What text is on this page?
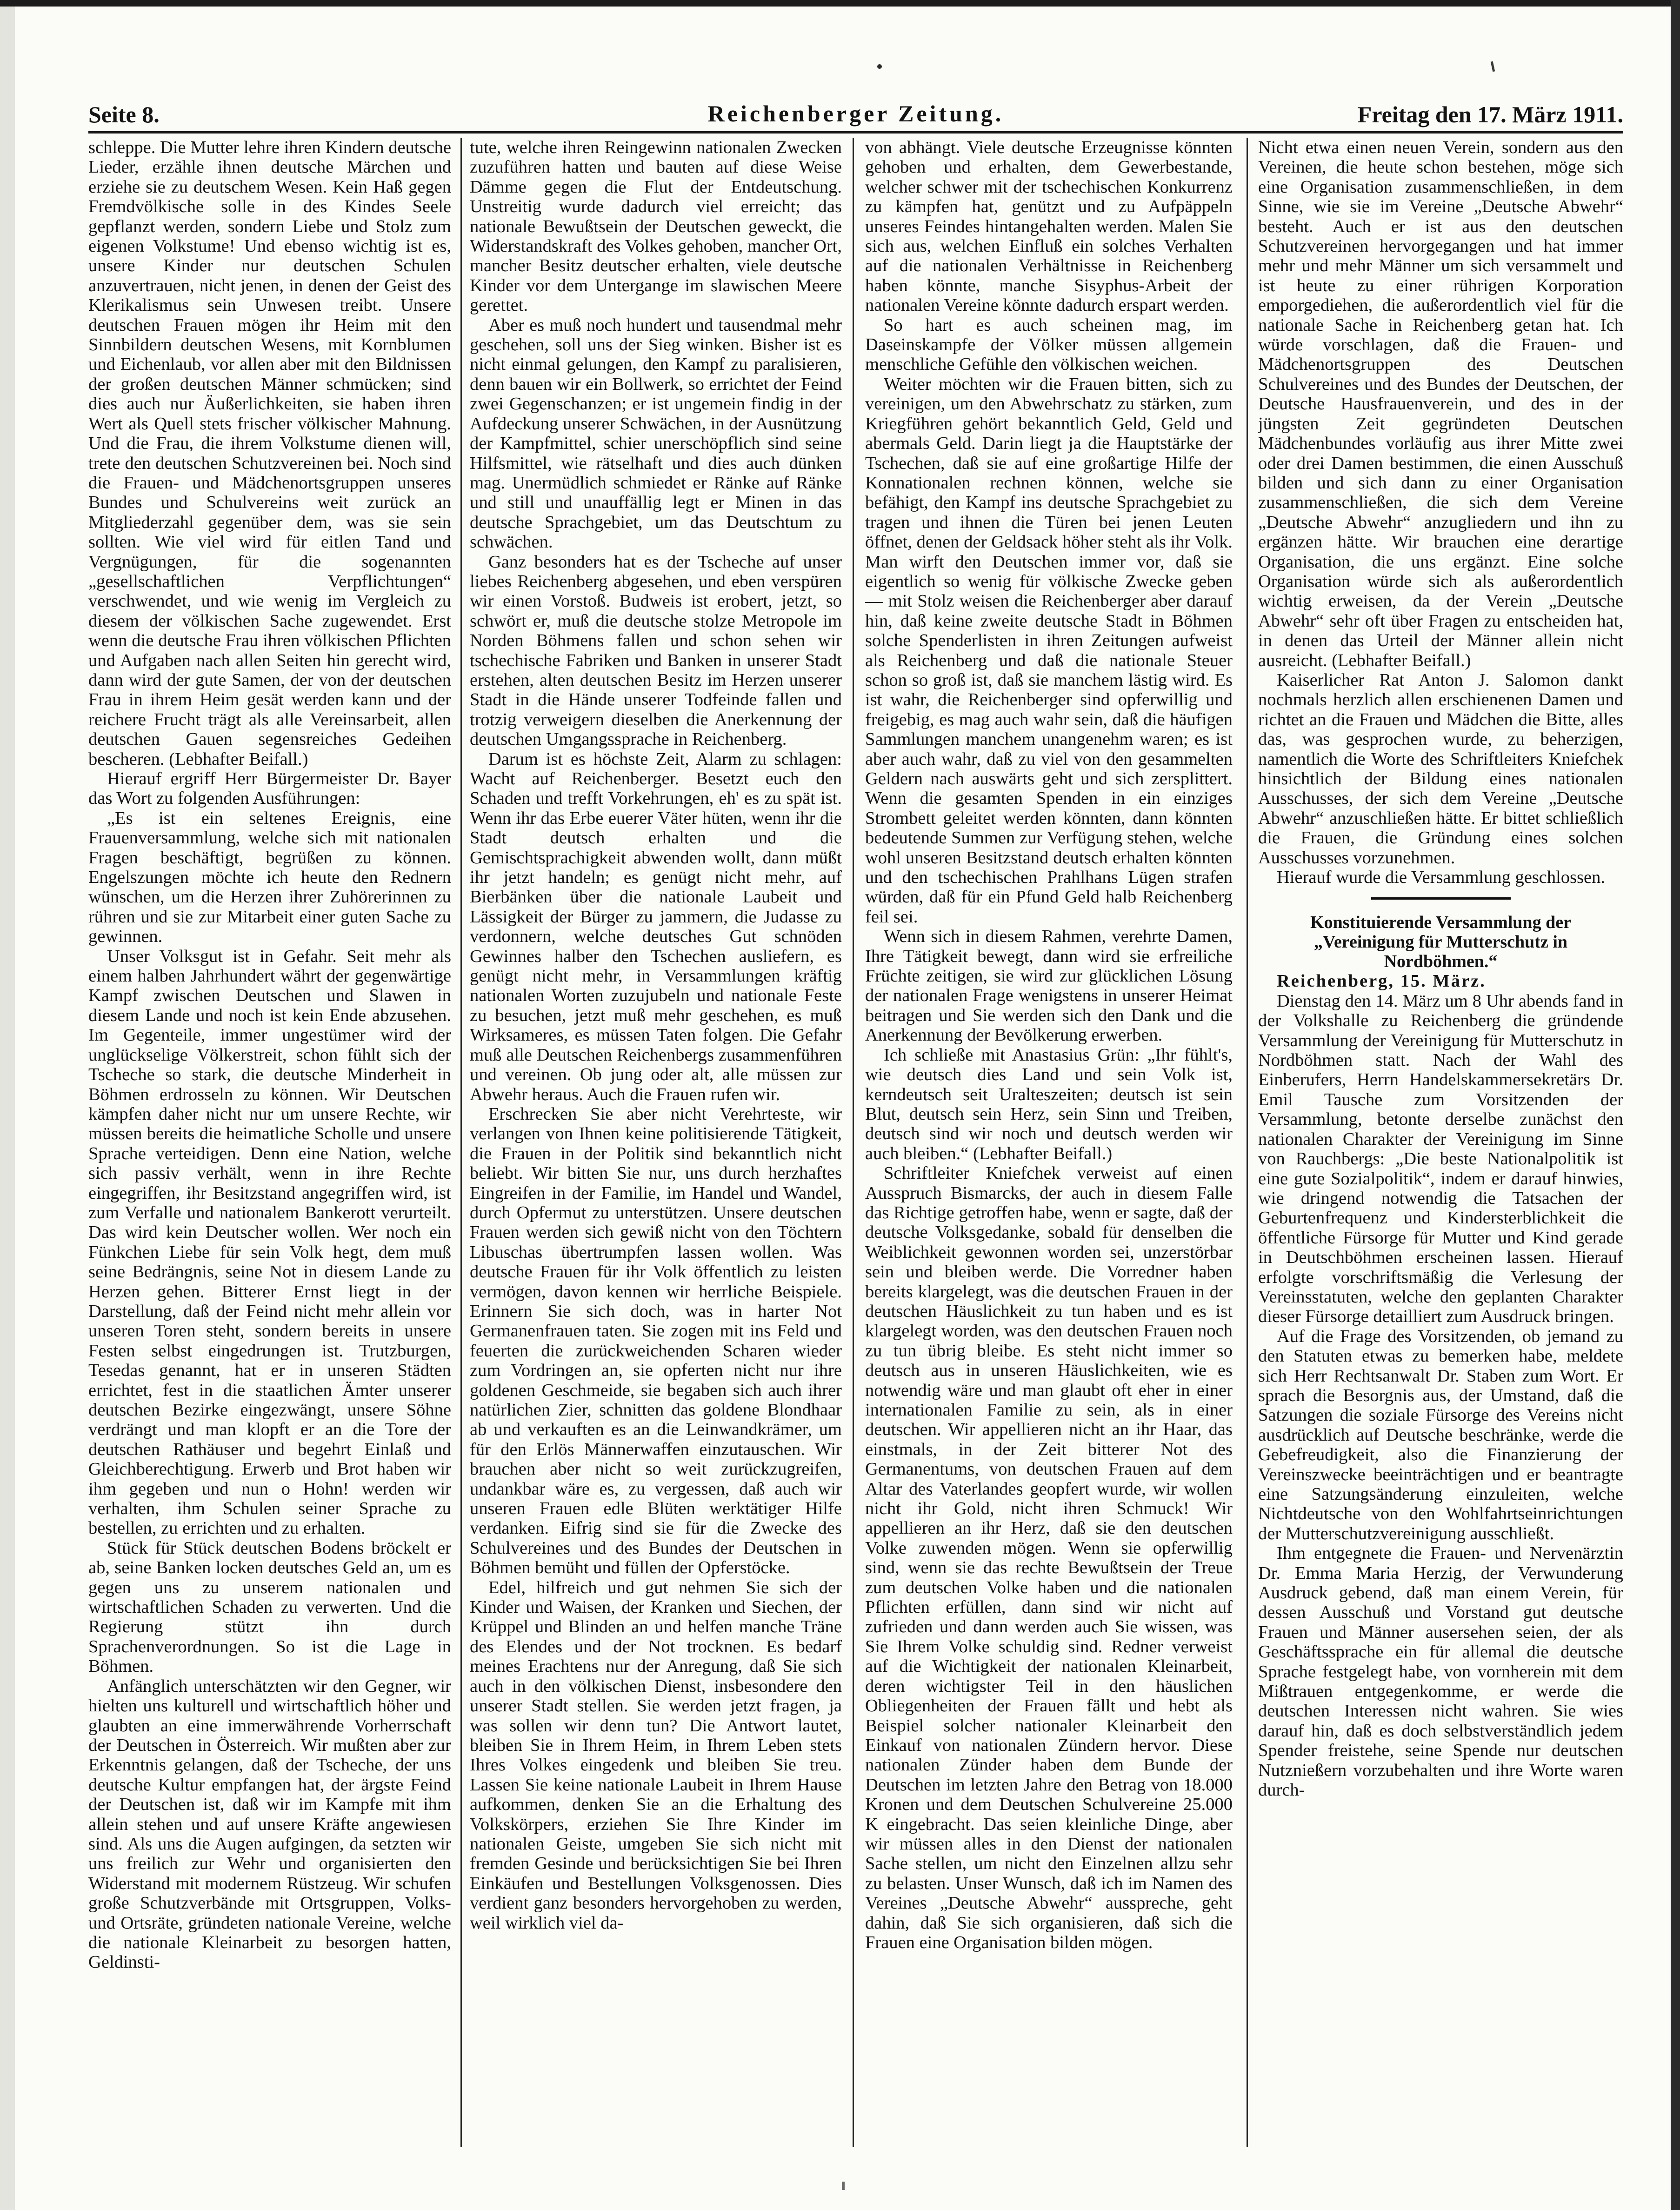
Seite 8.	Reichenberger Zeitung.	Freitag den 17. März 1911.

schleppe. Die Mutter lehre ihren Kindern deutsche Lieder, erzähle ihnen deutsche Märchen und erziehe sie zu deutschem Wesen. Kein Haß gegen Fremdvölkische solle in des Kindes Seele gepflanzt werden, sondern Liebe und Stolz zum eigenen Volkstume! Und ebenso wichtig ist es, unsere Kinder nur deutschen Schulen anzuvertrauen, nicht jenen, in denen der Geist des Klerikalismus sein Unwesen treibt. Unsere deutschen Frauen mögen ihr Heim mit den Sinnbildern deutschen Wesens, mit Kornblumen und Eichenlaub, vor allen aber mit den Bildnissen der großen deutschen Männer schmücken; sind dies auch nur Äußerlichkeiten, sie haben ihren Wert als Quell stets frischer völkischer Mahnung. Und die Frau, die ihrem Volkstume dienen will, trete den deutschen Schutzvereinen bei. Noch sind die Frauen- und Mädchenortsgruppen unseres Bundes und Schulvereins weit zurück an Mitgliederzahl gegenüber dem, was sie sein sollten. Wie viel wird für eitlen Tand und Vergnügungen, für die sogenannten „gesellschaftlichen Verpflichtungen“ verschwendet, und wie wenig im Vergleich zu diesem der völkischen Sache zugewendet. Erst wenn die deutsche Frau ihren völkischen Pflichten und Aufgaben nach allen Seiten hin gerecht wird, dann wird der gute Samen, der von der deutschen Frau in ihrem Heim gesät werden kann und der reichere Frucht trägt als alle Vereinsarbeit, allen deutschen Gauen segensreiches Gedeihen bescheren. (Lebhafter Beifall.)

Hierauf ergriff Herr Bürgermeister Dr. Bayer das Wort zu folgenden Ausführungen:

„Es ist ein seltenes Ereignis, eine Frauenversammlung, welche sich mit nationalen Fragen beschäftigt, begrüßen zu können. Engelszungen möchte ich heute den Rednern wünschen, um die Herzen ihrer Zuhörerinnen zu rühren und sie zur Mitarbeit einer guten Sache zu gewinnen.

Unser Volksgut ist in Gefahr. Seit mehr als einem halben Jahrhundert währt der gegenwärtige Kampf zwischen Deutschen und Slawen in diesem Lande und noch ist kein Ende abzusehen. Im Gegenteile, immer ungestümer wird der unglückselige Völkerstreit, schon fühlt sich der Tscheche so stark, die deutsche Minderheit in Böhmen erdrosseln zu können. Wir Deutschen kämpfen daher nicht nur um unsere Rechte, wir müssen bereits die heimatliche Scholle und unsere Sprache verteidigen. Denn eine Nation, welche sich passiv verhält, wenn in ihre Rechte eingegriffen, ihr Besitzstand angegriffen wird, ist zum Verfalle und nationalem Bankerott verurteilt. Das wird kein Deutscher wollen. Wer noch ein Fünkchen Liebe für sein Volk hegt, dem muß seine Bedrängnis, seine Not in diesem Lande zu Herzen gehen. Bitterer Ernst liegt in der Darstellung, daß der Feind nicht mehr allein vor unseren Toren steht, sondern bereits in unsere Festen selbst eingedrungen ist. Trutzburgen, Tesedas genannt, hat er in unseren Städten errichtet, fest in die staatlichen Ämter unserer deutschen Bezirke eingezwängt, unsere Söhne verdrängt und man klopft er an die Tore der deutschen Rathäuser und begehrt Einlaß und Gleichberechtigung. Erwerb und Brot haben wir ihm gegeben und nun o Hohn! werden wir verhalten, ihm Schulen seiner Sprache zu bestellen, zu errichten und zu erhalten.

Stück für Stück deutschen Bodens bröckelt er ab, seine Banken locken deutsches Geld an, um es gegen uns zu unserem nationalen und wirtschaftlichen Schaden zu verwerten. Und die Regierung stützt ihn durch Sprachenverordnungen. So ist die Lage in Böhmen.

Anfänglich unterschätzten wir den Gegner, wir hielten uns kulturell und wirtschaftlich höher und glaubten an eine immerwährende Vorherrschaft der Deutschen in Österreich. Wir mußten aber zur Erkenntnis gelangen, daß der Tscheche, der uns deutsche Kultur empfangen hat, der ärgste Feind der Deutschen ist, daß wir im Kampfe mit ihm allein stehen und auf unsere Kräfte angewiesen sind. Als uns die Augen aufgingen, da setzten wir uns freilich zur Wehr und organisierten den Widerstand mit modernem Rüstzeug. Wir schufen große Schutzverbände mit Ortsgruppen, Volks- und Ortsräte, gründeten nationale Vereine, welche die nationale Kleinarbeit zu besorgen hatten, Geldinsti-

tute, welche ihren Reingewinn nationalen Zwecken zuzuführen hatten und bauten auf diese Weise Dämme gegen die Flut der Entdeutschung. Unstreitig wurde dadurch viel erreicht; das nationale Bewußtsein der Deutschen geweckt, die Widerstandskraft des Volkes gehoben, mancher Ort, mancher Besitz deutscher erhalten, viele deutsche Kinder vor dem Untergange im slawischen Meere gerettet.

Aber es muß noch hundert und tausendmal mehr geschehen, soll uns der Sieg winken. Bisher ist es nicht einmal gelungen, den Kampf zu paralisieren, denn bauen wir ein Bollwerk, so errichtet der Feind zwei Gegenschanzen; er ist ungemein findig in der Aufdeckung unserer Schwächen, in der Ausnützung der Kampfmittel, schier unerschöpflich sind seine Hilfsmittel, wie rätselhaft und dies auch dünken mag. Unermüdlich schmiedet er Ränke auf Ränke und still und unauffällig legt er Minen in das deutsche Sprachgebiet, um das Deutschtum zu schwächen.

Ganz besonders hat es der Tscheche auf unser liebes Reichenberg abgesehen, und eben verspüren wir einen Vorstoß. Budweis ist erobert, jetzt, so schwört er, muß die deutsche stolze Metropole im Norden Böhmens fallen und schon sehen wir tschechische Fabriken und Banken in unserer Stadt erstehen, alten deutschen Besitz im Herzen unserer Stadt in die Hände unserer Todfeinde fallen und trotzig verweigern dieselben die Anerkennung der deutschen Umgangssprache in Reichenberg.

Darum ist es höchste Zeit, Alarm zu schlagen: Wacht auf Reichenberger. Besetzt euch den Schaden und trefft Vorkehrungen, eh' es zu spät ist. Wenn ihr das Erbe euerer Väter hüten, wenn ihr die Stadt deutsch erhalten und die Gemischtsprachigkeit abwenden wollt, dann müßt ihr jetzt handeln; es genügt nicht mehr, auf Bierbänken über die nationale Laubeit und Lässigkeit der Bürger zu jammern, die Judasse zu verdonnern, welche deutsches Gut schnöden Gewinnes halber den Tschechen ausliefern, es genügt nicht mehr, in Versammlungen kräftig nationalen Worten zuzujubeln und nationale Feste zu besuchen, jetzt muß mehr geschehen, es muß Wirksameres, es müssen Taten folgen. Die Gefahr muß alle Deutschen Reichenbergs zusammenführen und vereinen. Ob jung oder alt, alle müssen zur Abwehr heraus. Auch die Frauen rufen wir.

Erschrecken Sie aber nicht Verehrteste, wir verlangen von Ihnen keine politisierende Tätigkeit, die Frauen in der Politik sind bekanntlich nicht beliebt. Wir bitten Sie nur, uns durch herzhaftes Eingreifen in der Familie, im Handel und Wandel, durch Opfermut zu unterstützen. Unsere deutschen Frauen werden sich gewiß nicht von den Töchtern Libuschas übertrumpfen lassen wollen. Was deutsche Frauen für ihr Volk öffentlich zu leisten vermögen, davon kennen wir herrliche Beispiele. Erinnern Sie sich doch, was in harter Not Germanenfrauen taten. Sie zogen mit ins Feld und feuerten die zurückweichenden Scharen wieder zum Vordringen an, sie opferten nicht nur ihre goldenen Geschmeide, sie begaben sich auch ihrer natürlichen Zier, schnitten das goldene Blondhaar ab und verkauften es an die Leinwandkrämer, um für den Erlös Männerwaffen einzutauschen. Wir brauchen aber nicht so weit zurückzugreifen, undankbar wäre es, zu vergessen, daß auch wir unseren Frauen edle Blüten werktätiger Hilfe verdanken. Eifrig sind sie für die Zwecke des Schulvereines und des Bundes der Deutschen in Böhmen bemüht und füllen der Opferstöcke.

Edel, hilfreich und gut nehmen Sie sich der Kinder und Waisen, der Kranken und Siechen, der Krüppel und Blinden an und helfen manche Träne des Elendes und der Not trocknen. Es bedarf meines Erachtens nur der Anregung, daß Sie sich auch in den völkischen Dienst, insbesondere den unserer Stadt stellen. Sie werden jetzt fragen, ja was sollen wir denn tun? Die Antwort lautet, bleiben Sie in Ihrem Heim, in Ihrem Leben stets Ihres Volkes eingedenk und bleiben Sie treu. Lassen Sie keine nationale Laubeit in Ihrem Hause aufkommen, denken Sie an die Erhaltung des Volkskörpers, erziehen Sie Ihre Kinder im nationalen Geiste, umgeben Sie sich nicht mit fremden Gesinde und berücksichtigen Sie bei Ihren Einkäufen und Bestellungen Volksgenossen. Dies verdient ganz besonders hervorgehoben zu werden, weil wirklich viel da-

von abhängt. Viele deutsche Erzeugnisse könnten gehoben und erhalten, dem Gewerbestande, welcher schwer mit der tschechischen Konkurrenz zu kämpfen hat, genützt und zu Aufpäppeln unseres Feindes hintangehalten werden. Malen Sie sich aus, welchen Einfluß ein solches Verhalten auf die nationalen Verhältnisse in Reichenberg haben könnte, manche Sisyphus-Arbeit der nationalen Vereine könnte dadurch erspart werden.

So hart es auch scheinen mag, im Daseinskampfe der Völker müssen allgemein menschliche Gefühle den völkischen weichen.

Weiter möchten wir die Frauen bitten, sich zu vereinigen, um den Abwehrschatz zu stärken, zum Kriegführen gehört bekanntlich Geld, Geld und abermals Geld. Darin liegt ja die Hauptstärke der Tschechen, daß sie auf eine großartige Hilfe der Konnationalen rechnen können, welche sie befähigt, den Kampf ins deutsche Sprachgebiet zu tragen und ihnen die Türen bei jenen Leuten öffnet, denen der Geldsack höher steht als ihr Volk. Man wirft den Deutschen immer vor, daß sie eigentlich so wenig für völkische Zwecke geben — mit Stolz weisen die Reichenberger aber darauf hin, daß keine zweite deutsche Stadt in Böhmen solche Spenderlisten in ihren Zeitungen aufweist als Reichenberg und daß die nationale Steuer schon so groß ist, daß sie manchem lästig wird. Es ist wahr, die Reichenberger sind opferwillig und freigebig, es mag auch wahr sein, daß die häufigen Sammlungen manchem unangenehm waren; es ist aber auch wahr, daß zu viel von den gesammelten Geldern nach auswärts geht und sich zersplittert. Wenn die gesamten Spenden in ein einziges Strombett geleitet werden könnten, dann könnten bedeutende Summen zur Verfügung stehen, welche wohl unseren Besitzstand deutsch erhalten könnten und den tschechischen Prahlhans Lügen strafen würden, daß für ein Pfund Geld halb Reichenberg feil sei.

Wenn sich in diesem Rahmen, verehrte Damen, Ihre Tätigkeit bewegt, dann wird sie erfreiliche Früchte zeitigen, sie wird zur glücklichen Lösung der nationalen Frage wenigstens in unserer Heimat beitragen und Sie werden sich den Dank und die Anerkennung der Bevölkerung erwerben.

Ich schließe mit Anastasius Grün: „Ihr fühlt's, wie deutsch dies Land und sein Volk ist, kerndeutsch seit Uralteszeiten; deutsch ist sein Blut, deutsch sein Herz, sein Sinn und Treiben, deutsch sind wir noch und deutsch werden wir auch bleiben.“ (Lebhafter Beifall.)

Schriftleiter Kniefchek verweist auf einen Ausspruch Bismarcks, der auch in diesem Falle das Richtige getroffen habe, wenn er sagte, daß der deutsche Volksgedanke, sobald für denselben die Weiblichkeit gewonnen worden sei, unzerstörbar sein und bleiben werde. Die Vorredner haben bereits klargelegt, was die deutschen Frauen in der deutschen Häuslichkeit zu tun haben und es ist klargelegt worden, was den deutschen Frauen noch zu tun übrig bleibe. Es steht nicht immer so deutsch aus in unseren Häuslichkeiten, wie es notwendig wäre und man glaubt oft eher in einer internationalen Familie zu sein, als in einer deutschen. Wir appellieren nicht an ihr Haar, das einstmals, in der Zeit bitterer Not des Germanentums, von deutschen Frauen auf dem Altar des Vaterlandes geopfert wurde, wir wollen nicht ihr Gold, nicht ihren Schmuck! Wir appellieren an ihr Herz, daß sie den deutschen Volke zuwenden mögen. Wenn sie opferwillig sind, wenn sie das rechte Bewußtsein der Treue zum deutschen Volke haben und die nationalen Pflichten erfüllen, dann sind wir nicht auf zufrieden und dann werden auch Sie wissen, was Sie Ihrem Volke schuldig sind. Redner verweist auf die Wichtigkeit der nationalen Kleinarbeit, deren wichtigster Teil in den häuslichen Obliegenheiten der Frauen fällt und hebt als Beispiel solcher nationaler Kleinarbeit den Einkauf von nationalen Zündern hervor. Diese nationalen Zünder haben dem Bunde der Deutschen im letzten Jahre den Betrag von 18.000 Kronen und dem Deutschen Schulvereine 25.000 K eingebracht. Das seien kleinliche Dinge, aber wir müssen alles in den Dienst der nationalen Sache stellen, um nicht den Einzelnen allzu sehr zu belasten. Unser Wunsch, daß ich im Namen des Vereines „Deutsche Abwehr“ ausspreche, geht dahin, daß Sie sich organisieren, daß sich die Frauen eine Organisation bilden mögen.

Nicht etwa einen neuen Verein, sondern aus den Vereinen, die heute schon bestehen, möge sich eine Organisation zusammenschließen, in dem Sinne, wie sie im Vereine „Deutsche Abwehr“ besteht. Auch er ist aus den deutschen Schutzvereinen hervorgegangen und hat immer mehr und mehr Männer um sich versammelt und ist heute zu einer rührigen Korporation emporgediehen, die außerordentlich viel für die nationale Sache in Reichenberg getan hat. Ich würde vorschlagen, daß die Frauen- und Mädchenortsgruppen des Deutschen Schulvereines und des Bundes der Deutschen, der Deutsche Hausfrauenverein, und des in der jüngsten Zeit gegründeten Deutschen Mädchenbundes vorläufig aus ihrer Mitte zwei oder drei Damen bestimmen, die einen Ausschuß bilden und sich dann zu einer Organisation zusammenschließen, die sich dem Vereine „Deutsche Abwehr“ anzugliedern und ihn zu ergänzen hätte. Wir brauchen eine derartige Organisation, die uns ergänzt. Eine solche Organisation würde sich als außerordentlich wichtig erweisen, da der Verein „Deutsche Abwehr“ sehr oft über Fragen zu entscheiden hat, in denen das Urteil der Männer allein nicht ausreicht. (Lebhafter Beifall.)

Kaiserlicher Rat Anton J. Salomon dankt nochmals herzlich allen erschienenen Damen und richtet an die Frauen und Mädchen die Bitte, alles das, was gesprochen wurde, zu beherzigen, namentlich die Worte des Schriftleiters Kniefchek hinsichtlich der Bildung eines nationalen Ausschusses, der sich dem Vereine „Deutsche Abwehr“ anzuschließen hätte. Er bittet schließlich die Frauen, die Gründung eines solchen Ausschusses vorzunehmen.

Hierauf wurde die Versammlung geschlossen.

Konstituierende Versammlung der „Vereinigung für Mutterschutz in Nordböhmen.“

Reichenberg, 15. März.

Dienstag den 14. März um 8 Uhr abends fand in der Volkshalle zu Reichenberg die gründende Versammlung der Vereinigung für Mutterschutz in Nordböhmen statt. Nach der Wahl des Einberufers, Herrn Handelskammersekretärs Dr. Emil Tausche zum Vorsitzenden der Versammlung, betonte derselbe zunächst den nationalen Charakter der Vereinigung im Sinne von Rauchbergs: „Die beste Nationalpolitik ist eine gute Sozialpolitik“, indem er darauf hinwies, wie dringend notwendig die Tatsachen der Geburtenfrequenz und Kindersterblichkeit die öffentliche Fürsorge für Mutter und Kind gerade in Deutschböhmen erscheinen lassen. Hierauf erfolgte vorschriftsmäßig die Verlesung der Vereinsstatuten, welche den geplanten Charakter dieser Fürsorge detailliert zum Ausdruck bringen.

Auf die Frage des Vorsitzenden, ob jemand zu den Statuten etwas zu bemerken habe, meldete sich Herr Rechtsanwalt Dr. Staben zum Wort. Er sprach die Besorgnis aus, der Umstand, daß die Satzungen die soziale Fürsorge des Vereins nicht ausdrücklich auf Deutsche beschränke, werde die Gebefreudigkeit, also die Finanzierung der Vereinszwecke beeinträchtigen und er beantragte eine Satzungsänderung einzuleiten, welche Nichtdeutsche von den Wohlfahrtseinrichtungen der Mutterschutzvereinigung ausschließt.

Ihm entgegnete die Frauen- und Nervenärztin Dr. Emma Maria Herzig, der Verwunderung Ausdruck gebend, daß man einem Verein, für dessen Ausschuß und Vorstand gut deutsche Frauen und Männer ausersehen seien, der als Geschäftssprache ein für allemal die deutsche Sprache festgelegt habe, von vornherein mit dem Mißtrauen entgegenkomme, er werde die deutschen Interessen nicht wahren. Sie wies darauf hin, daß es doch selbstverständlich jedem Spender freistehe, seine Spende nur deutschen Nutznießern vorzubehalten und ihre Worte waren durch-
